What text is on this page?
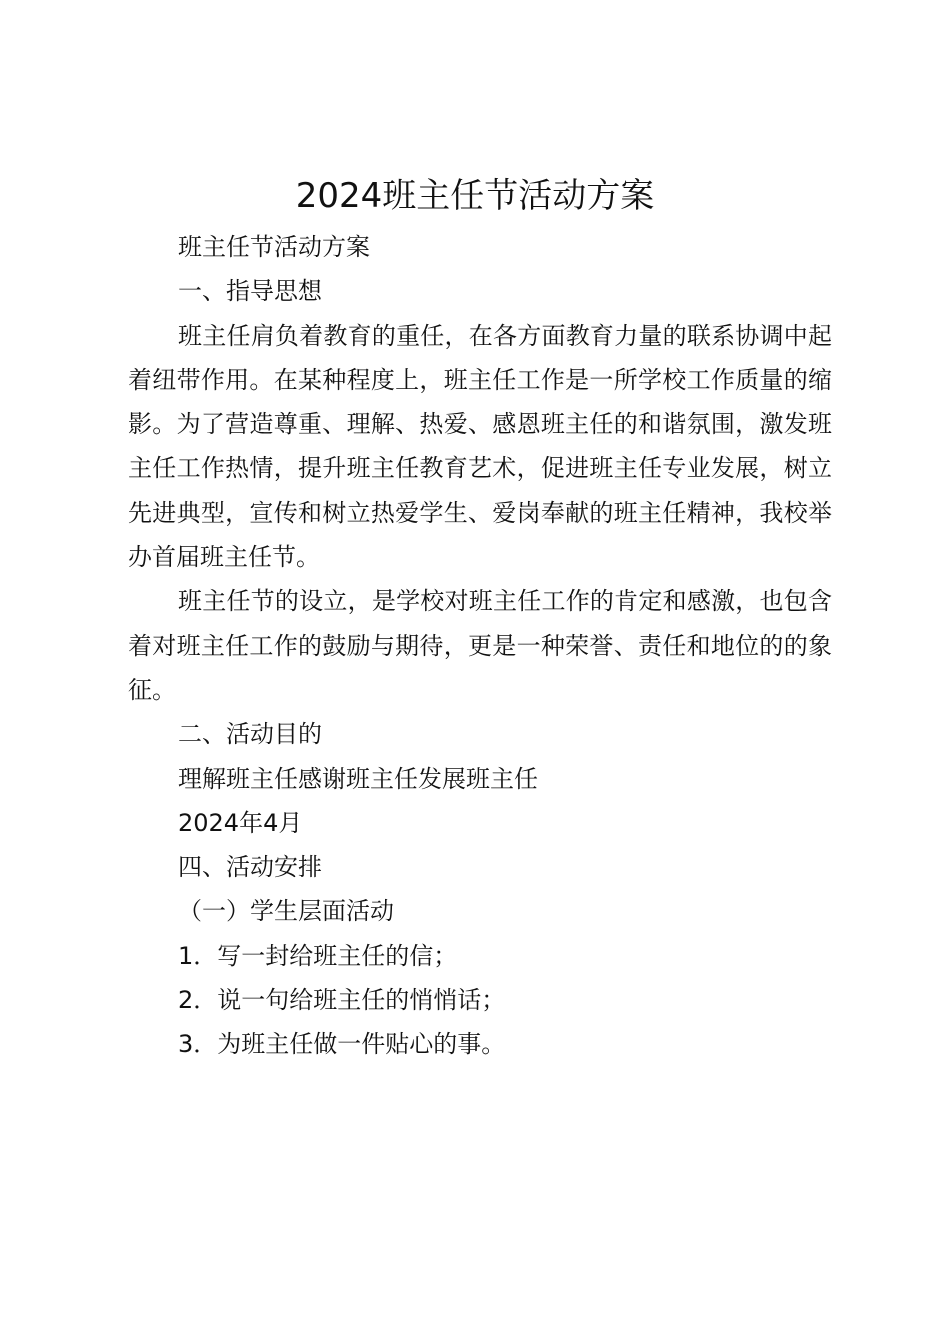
2024班主任节活动方案

班主任节活动方案

一、指导思想

班主任肩负着教育的重任，在各方面教育力量的联系协调中起着纽带作用。在某种程度上，班主任工作是一所学校工作质量的缩影。为了营造尊重、理解、热爱、感恩班主任的和谐氛围，激发班主任工作热情，提升班主任教育艺术，促进班主任专业发展，树立先进典型，宣传和树立热爱学生、爱岗奉献的班主任精神，我校举办首届班主任节。

班主任节的设立，是学校对班主任工作的肯定和感激，也包含着对班主任工作的鼓励与期待，更是一种荣誉、责任和地位的的象征。

二、活动目的

理解班主任感谢班主任发展班主任

2024年4月

四、活动安排

（一）学生层面活动

1．写一封给班主任的信；

2．说一句给班主任的悄悄话；

3．为班主任做一件贴心的事。
